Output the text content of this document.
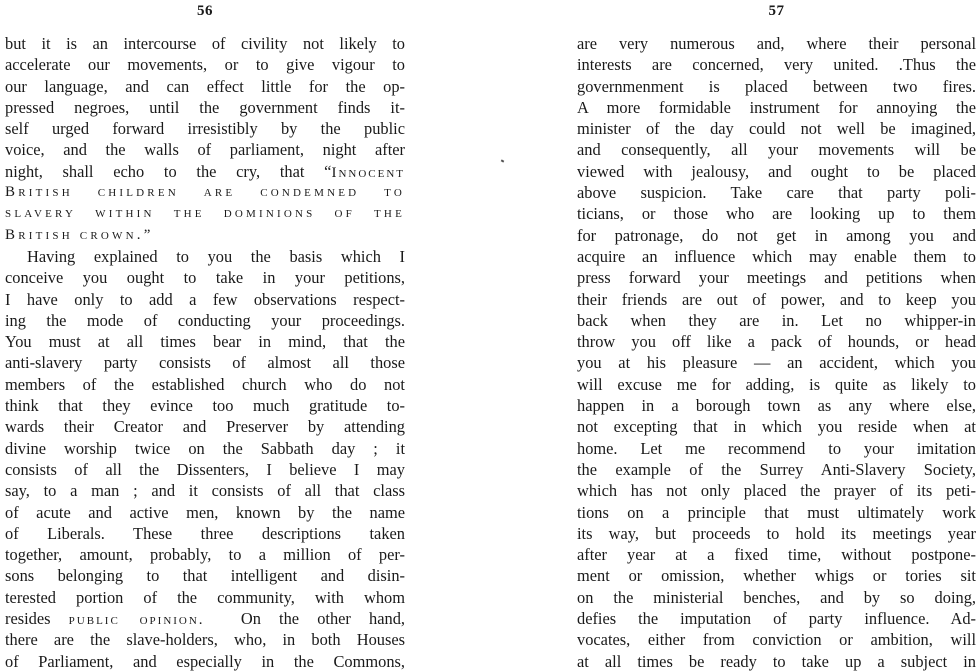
56
but it is an intercourse of civility not likely to
accelerate our movements, or to give vigour to
our language, and can effect little for the op-
pressed negroes, until the government finds it-
self urged forward irresistibly by the public
voice, and the walls of parliament, night after
night, shall echo to the cry, that “Innocent
British children are condemned to
slavery within the dominions of the
British crown.”
Having explained to you the basis which I
conceive you ought to take in your petitions,
I have only to add a few observations respect-
ing the mode of conducting your proceedings.
You must at all times bear in mind, that the
anti-slavery party consists of almost all those
members of the established church who do not
think that they evince too much gratitude to-
wards their Creator and Preserver by attending
divine worship twice on the Sabbath day ; it
consists of all the Dissenters, I believe I may
say, to a man ; and it consists of all that class
of acute and active men, known by the name
of Liberals. These three descriptions taken
together, amount, probably, to a million of per-
sons belonging to that intelligent and disin-
terested portion of the community, with whom
resides public opinion.  On the other hand,
there are the slave-holders, who, in both Houses
of Parliament, and especially in the Commons,
57
are very numerous and, where their personal
interests are concerned, very united. .Thus the
governmenment is placed between two fires.
A more formidable instrument for annoying the
minister of the day could not well be imagined,
and consequently, all your movements will be
viewed with jealousy, and ought to be placed
above suspicion. Take care that party poli-
ticians, or those who are looking up to them
for patronage, do not get in among you and
acquire an influence which may enable them to
press forward your meetings and petitions when
their friends are out of power, and to keep you
back when they are in. Let no whipper-in
throw you off like a pack of hounds, or head
you at his pleasure — an accident, which you
will excuse me for adding, is quite as likely to
happen in a borough town as any where else,
not excepting that in which you reside when at
home. Let me recommend to your imitation
the example of the Surrey Anti-Slavery Society,
which has not only placed the prayer of its peti-
tions on a principle that must ultimately work
its way, but proceeds to hold its meetings year
after year at a fixed time, without postpone-
ment or omission, whether whigs or tories sit
on the ministerial benches, and by so doing,
defies the imputation of party influence. Ad-
vocates, either from conviction or ambition, will
at all times be ready to take up a subject in
